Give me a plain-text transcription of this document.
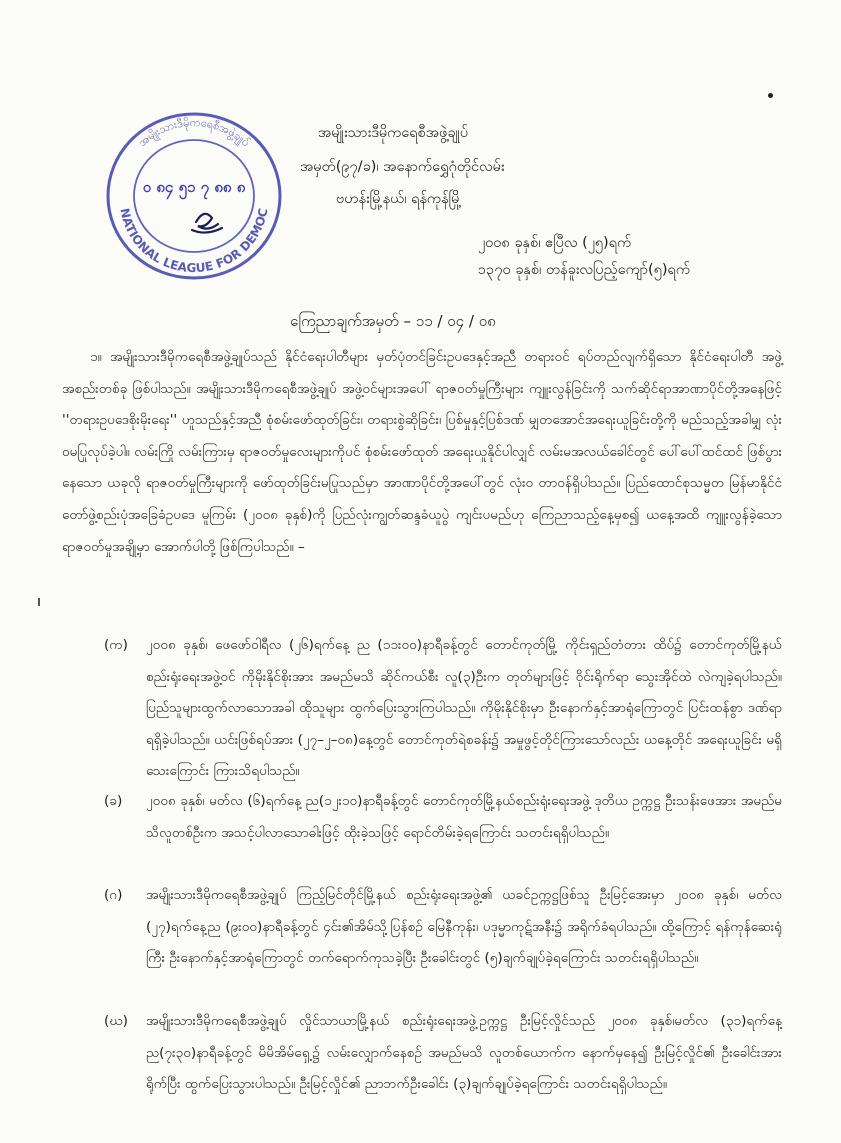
အမျိုးသားဒီမိုကရေစီအဖွဲ့ချုပ်
NATIONAL LEAGUE FOR DEMOC
၀ ၈၄ ၅၁ ၇ ၈၈ ၈
အမျိုးသားဒီမိုကရေစီအဖွဲ့ချုပ်
အမှတ်(၉၇/ခ)၊ အနောက်ရွှေဂုံတိုင်လမ်း
ဗဟန်းမြို့နယ်၊ ရန်ကုန်မြို့
၂၀၀၈ ခုနှစ်၊ ဧပြီလ (၂၅)ရက်
၁၃၇၀ ခုနှစ်၊ တန်ခူးလပြည့်ကျော်(၅)ရက်
ကြေညာချက်အမှတ် – ၁၁ / ၀၄ / ၀၈
၁။ အမျိုးသားဒီမိုကရေစီအဖွဲ့ချုပ်သည် နိုင်ငံရေးပါတီများ မှတ်ပုံတင်ခြင်းဥပဒေနှင့်အညီ တရားဝင် ရပ်တည်လျက်ရှိသော နိုင်ငံရေးပါတီ အဖွဲ့အစည်းတစ်ခု ဖြစ်ပါသည်။ အမျိုးသားဒီမိုကရေစီအဖွဲ့ချုပ် အဖွဲ့ဝင်များအပေါ် ရာဇဝတ်မှုကြီးများ ကျူးလွန်ခြင်းကို သက်ဆိုင်ရာအာဏာပိုင်တို့အနေဖြင့် ''တရားဥပဒေစိုးမိုးရေး'' ဟူသည်နှင့်အညီ စုံစမ်းဖော်ထုတ်ခြင်း၊ တရားစွဲဆိုခြင်း၊ ပြစ်မှုနှင့်ပြစ်ဒဏ် မျှတအောင်အရေးယူခြင်းတို့ကို မည်သည့်အခါမျှ လုံးဝမပြုလုပ်ခဲ့ပါ။ လမ်းကြို လမ်းကြားမှ ရာဇဝတ်မှုလေးများကိုပင် စုံစမ်းဖော်ထုတ် အရေးယူနိုင်ပါလျှင် လမ်းမအလယ်ခေါင်တွင် ပေါ်ပေါ်ထင်ထင် ဖြစ်ပွားနေသော ယခုလို ရာဇဝတ်မှုကြီးများကို ဖော်ထုတ်ခြင်းမပြုသည်မှာ အာဏာပိုင်တို့အပေါ်တွင် လုံးဝ တာဝန်ရှိပါသည်။ ပြည်ထောင်စုသမ္မတ မြန်မာနိုင်ငံတော်ဖွဲ့စည်းပုံအခြေခံဥပဒေ မူကြမ်း (၂၀၀၈ ခုနှစ်)ကို ပြည်လုံးကျွတ်ဆန္ဒခံယူပွဲ ကျင်းပမည်ဟု ကြေညာသည့်နေ့မှစ၍ ယနေ့အထိ ကျူးလွန်ခဲ့သော ရာဇဝတ်မှုအချို့မှာ အောက်ပါတို့ ဖြစ်ကြပါသည်။ –
(က)	၂၀၀၈ ခုနှစ်၊ ဖေဖော်ဝါရီလ (၂၆)ရက်နေ့ ည (၁၁း၀၀)နာရီခန့်တွင် တောင်ကုတ်မြို့ ကိုင်းရှည်တံတား ထိပ်၌ တောင်ကုတ်မြို့နယ်စည်းရုံးရေးအဖွဲ့ဝင် ကိုမိုးနိုင်စိုးအား အမည်မသိ ဆိုင်ကယ်စီး လူ(၃)ဦးက တုတ်များဖြင့် ဝိုင်းရိုက်ရာ သွေးအိုင်ထဲ လဲကျခဲ့ရပါသည်။ ပြည်သူများထွက်လာသောအခါ ထိုသူများ ထွက်ပြေးသွားကြပါသည်။ ကိုမိုးနိုင်စိုးမှာ ဦးနောက်နှင့်အာရုံကြောတွင် ပြင်းထန်စွာ ဒဏ်ရာရရှိခဲ့ပါသည်။ ယင်းဖြစ်ရပ်အား (၂၇–၂–၀၈)နေ့တွင် တောင်ကုတ်ရဲစခန်း၌ အမှုဖွင့်တိုင်ကြားသော်လည်း ယနေ့တိုင် အရေးယူခြင်း မရှိသေးကြောင်း ကြားသိရပါသည်။
(ခ)	၂၀၀၈ ခုနှစ်၊ မတ်လ (၆)ရက်နေ့ ည(၁၂း၁၀)နာရီခန့်တွင် တောင်ကုတ်မြို့နယ်စည်းရုံးရေးအဖွဲ့ ဒုတိယ ဥက္ကဋ္ဌ ဦးသန်းဖေအား အမည်မသိလူတစ်ဦးက အသင့်ပါလာသောဓါးဖြင့် ထိုးခဲ့သဖြင့် ရောင်တိမ်းခဲ့ရကြောင်း သတင်းရရှိပါသည်။
(ဂ)	အမျိုးသားဒီမိုကရေစီအဖွဲ့ချုပ် ကြည့်မြင်တိုင်မြို့နယ် စည်းရုံးရေးအဖွဲ့၏ ယခင်ဥက္ကဋ္ဌဖြစ်သူ ဦးမြင့်အေးမှာ ၂၀၀၈ ခုနှစ်၊ မတ်လ (၂၇)ရက်နေ့ည (၉း၀၀)နာရီခန့်တွင် ၄င်း၏အိမ်သို့ပြန်စဉ် မြေနီကုန်း၊ ပဒုမ္မာကုဋ်အနီး၌ အရိုက်ခံရပါသည်။ ထို့ကြောင့် ရန်ကုန်ဆေးရုံကြီး ဦးနောက်နှင့်အာရုံကြောတွင် တက်ရောက်ကုသခဲ့ပြီး ဦးခေါင်းတွင် (၅)ချက်ချုပ်ခဲ့ရကြောင်း သတင်းရရှိပါသည်။
(ဃ)	အမျိုးသားဒီမိုကရေစီအဖွဲ့ချုပ် လှိုင်သာယာမြို့နယ် စည်းရုံးရေးအဖွဲ့ဥက္ကဋ္ဌ ဦးမြင့်လှိုင်သည် ၂၀၀၈ ခုနှစ်၊မတ်လ (၃၁)ရက်နေ့ ည(၇း၃၀)နာရီခန့်တွင် မိမိအိမ်ရှေ့၌ လမ်းလျှောက်နေစဉ် အမည်မသိ လူတစ်ယောက်က နောက်မှနေ၍ ဦးမြင့်လှိုင်၏ ဦးခေါင်းအား ရိုက်ပြီး ထွက်ပြေးသွားပါသည်။ ဦးမြင့်လှိုင်၏ ညာဘက်ဦးခေါင်း (၃)ချက်ချုပ်ခဲ့ရကြောင်း သတင်းရရှိပါသည်။
